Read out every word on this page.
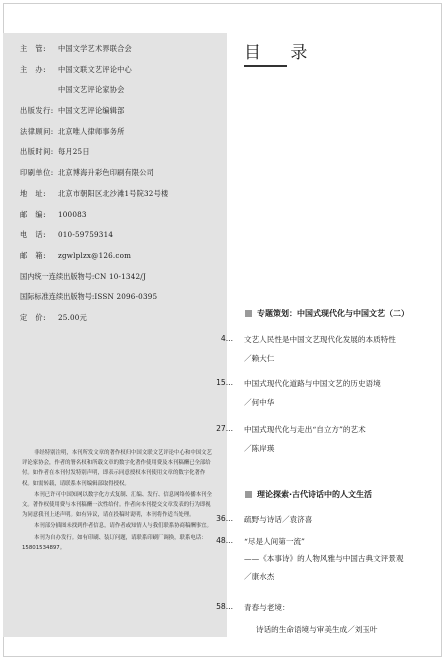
主　管: 中国文学艺术界联合会
主　办: 中国文联文艺评论中心
中国文艺评论家协会
出版发行: 中国文艺评论编辑部
法律顾问: 北京唯人律师事务所
出版时间: 每月25日
印刷单位: 北京博海升彩色印刷有限公司
地　址: 北京市朝阳区北沙滩1号院32号楼
邮　编: 100083
电　话: 010-59759314
邮　箱: zgwlplzx@126.com
国内统一连续出版物号:CN 10-1342/J
国际标准连续出版物号:ISSN 2096-0395
定　价: 25.00元

非经特别注明，本刊所发文章的著作权归中国文联文艺评论中心和中国文艺评论家协会，作者的署名权和所载文章的数字化著作使用费及本刊稿酬已全部给付。如作者在本刊付发特别声明，即表示同意授权本刊使用文章的数字化著作权。如需转载，请联系本刊编辑部取得授权。

本刊已许可中国知网以数字化方式复制、汇编、发行、信息网络传播本刊全文。著作权使用费与本刊稿酬一次性给付。作者向本刊提交文章发表的行为即视为同意我刊上述声明。如有异议，请在投稿时说明，本刊将作适当处理。

本刊部分插图未找到作者信息，请作者或知情人与我们联系协商稿酬事宜。

本刊为自办发行。如有印刷、装订问题，请联系印刷厂调换，联系电话：15801534897。

目 录
专题策划：中国式现代化与中国文艺（二）
4... 文艺人民性是中国文艺现代化发展的本质特性
／赖大仁
15... 中国式现代化道路与中国文艺的历史语境
／何中华
27... 中国式现代化与走出“自立方”的艺术
／陈岸瑛
理论探索·古代诗话中的人文生活
36... 疏野与诗话／袁济喜
48... “尽是人间第一流”
——《本事诗》的人物风雅与中国古典文评景观
／康水杰
58... 青春与老境：
诗话的生命语境与审美生成／刘玉叶
